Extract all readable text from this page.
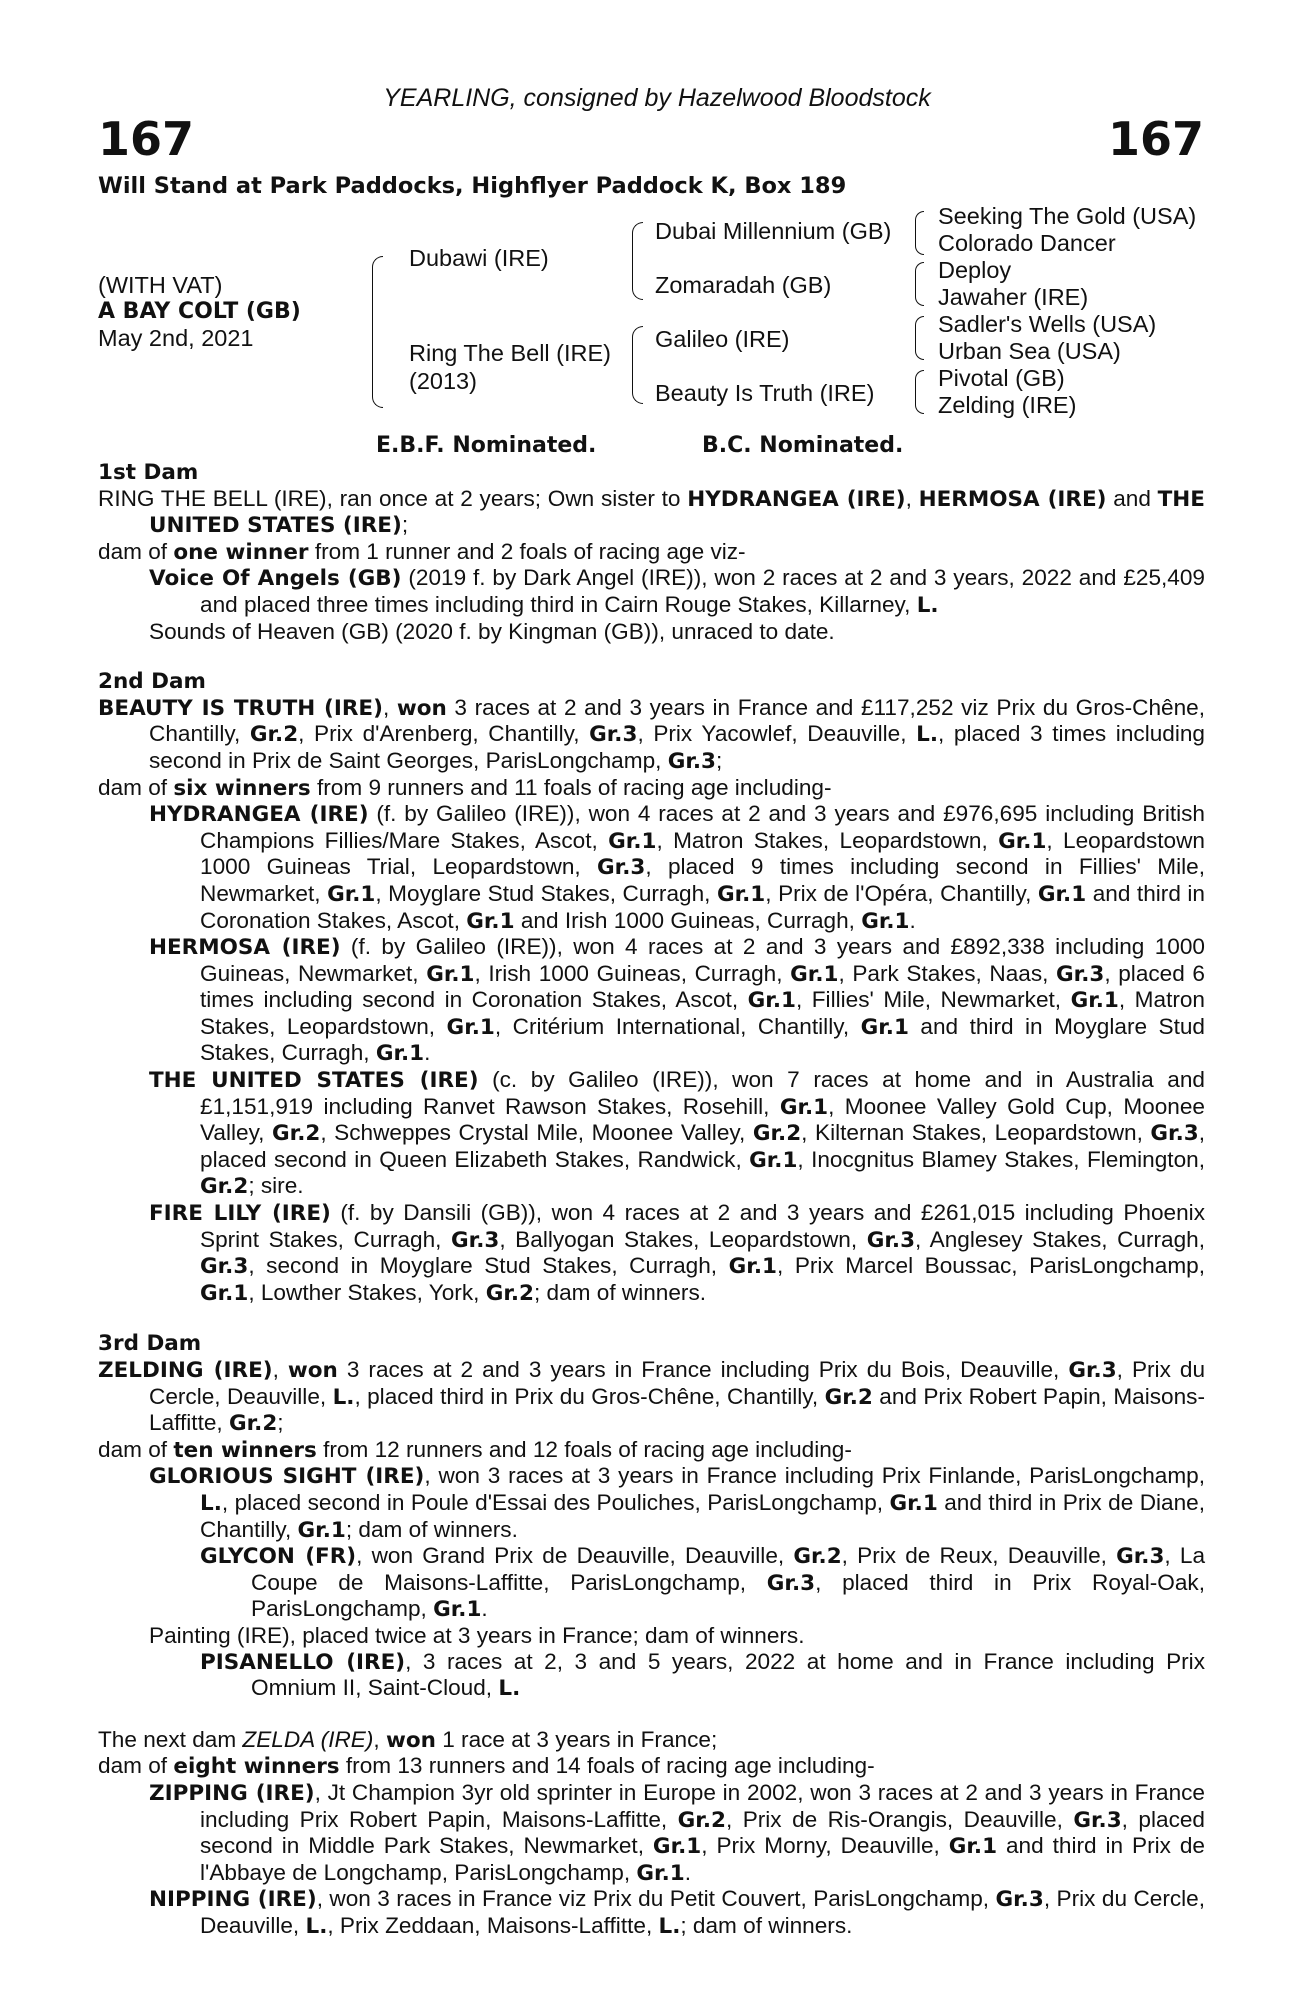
YEARLING, consigned by Hazelwood Bloodstock
167	167
Will Stand at Park Paddocks, Highflyer Paddock K, Box 189
(WITH VAT)
A BAY COLT (GB)
May 2nd, 2021
Dubawi (IRE)
Ring The Bell (IRE)
(2013)
Dubai Millennium (GB)
Zomaradah (GB)
Galileo (IRE)
Beauty Is Truth (IRE)
Seeking The Gold (USA)
Colorado Dancer
Deploy
Jawaher (IRE)
Sadler's Wells (USA)
Urban Sea (USA)
Pivotal (GB)
Zelding (IRE)
E.B.F. Nominated.	B.C. Nominated.
1st Dam

RING THE BELL (IRE), ran once at 2 years; Own sister to HYDRANGEA (IRE), HERMOSA (IRE) and THE UNITED STATES (IRE);

dam of one winner from 1 runner and 2 foals of racing age viz-

Voice Of Angels (GB) (2019 f. by Dark Angel (IRE)), won 2 races at 2 and 3 years, 2022 and £25,409 and placed three times including third in Cairn Rouge Stakes, Killarney, L.

Sounds of Heaven (GB) (2020 f. by Kingman (GB)), unraced to date.

2nd Dam

BEAUTY IS TRUTH (IRE), won 3 races at 2 and 3 years in France and £117,252 viz Prix du Gros-Chêne, Chantilly, Gr.2, Prix d'Arenberg, Chantilly, Gr.3, Prix Yacowlef, Deauville, L., placed 3 times including second in Prix de Saint Georges, ParisLongchamp, Gr.3;

dam of six winners from 9 runners and 11 foals of racing age including-

HYDRANGEA (IRE) (f. by Galileo (IRE)), won 4 races at 2 and 3 years and £976,695 including British Champions Fillies/Mare Stakes, Ascot, Gr.1, Matron Stakes, Leopardstown, Gr.1, Leopardstown 1000 Guineas Trial, Leopardstown, Gr.3, placed 9 times including second in Fillies' Mile, Newmarket, Gr.1, Moyglare Stud Stakes, Curragh, Gr.1, Prix de l'Opéra, Chantilly, Gr.1 and third in Coronation Stakes, Ascot, Gr.1 and Irish 1000 Guineas, Curragh, Gr.1.

HERMOSA (IRE) (f. by Galileo (IRE)), won 4 races at 2 and 3 years and £892,338 including 1000 Guineas, Newmarket, Gr.1, Irish 1000 Guineas, Curragh, Gr.1, Park Stakes, Naas, Gr.3, placed 6 times including second in Coronation Stakes, Ascot, Gr.1, Fillies' Mile, Newmarket, Gr.1, Matron Stakes, Leopardstown, Gr.1, Critérium International, Chantilly, Gr.1 and third in Moyglare Stud Stakes, Curragh, Gr.1.

THE UNITED STATES (IRE) (c. by Galileo (IRE)), won 7 races at home and in Australia and £1,151,919 including Ranvet Rawson Stakes, Rosehill, Gr.1, Moonee Valley Gold Cup, Moonee Valley, Gr.2, Schweppes Crystal Mile, Moonee Valley, Gr.2, Kilternan Stakes, Leopardstown, Gr.3, placed second in Queen Elizabeth Stakes, Randwick, Gr.1, Inocgnitus Blamey Stakes, Flemington, Gr.2; sire.

FIRE LILY (IRE) (f. by Dansili (GB)), won 4 races at 2 and 3 years and £261,015 including Phoenix Sprint Stakes, Curragh, Gr.3, Ballyogan Stakes, Leopardstown, Gr.3, Anglesey Stakes, Curragh, Gr.3, second in Moyglare Stud Stakes, Curragh, Gr.1, Prix Marcel Boussac, ParisLongchamp, Gr.1, Lowther Stakes, York, Gr.2; dam of winners.

3rd Dam

ZELDING (IRE), won 3 races at 2 and 3 years in France including Prix du Bois, Deauville, Gr.3, Prix du Cercle, Deauville, L., placed third in Prix du Gros-Chêne, Chantilly, Gr.2 and Prix Robert Papin, Maisons-Laffitte, Gr.2;

dam of ten winners from 12 runners and 12 foals of racing age including-

GLORIOUS SIGHT (IRE), won 3 races at 3 years in France including Prix Finlande, ParisLongchamp, L., placed second in Poule d'Essai des Pouliches, ParisLongchamp, Gr.1 and third in Prix de Diane, Chantilly, Gr.1; dam of winners.

GLYCON (FR), won Grand Prix de Deauville, Deauville, Gr.2, Prix de Reux, Deauville, Gr.3, La Coupe de Maisons-Laffitte, ParisLongchamp, Gr.3, placed third in Prix Royal-Oak, ParisLongchamp, Gr.1.

Painting (IRE), placed twice at 3 years in France; dam of winners.

PISANELLO (IRE), 3 races at 2, 3 and 5 years, 2022 at home and in France including Prix Omnium II, Saint-Cloud, L.

The next dam ZELDA (IRE), won 1 race at 3 years in France;

dam of eight winners from 13 runners and 14 foals of racing age including-

ZIPPING (IRE), Jt Champion 3yr old sprinter in Europe in 2002, won 3 races at 2 and 3 years in France including Prix Robert Papin, Maisons-Laffitte, Gr.2, Prix de Ris-Orangis, Deauville, Gr.3, placed second in Middle Park Stakes, Newmarket, Gr.1, Prix Morny, Deauville, Gr.1 and third in Prix de l'Abbaye de Longchamp, ParisLongchamp, Gr.1.

NIPPING (IRE), won 3 races in France viz Prix du Petit Couvert, ParisLongchamp, Gr.3, Prix du Cercle, Deauville, L., Prix Zeddaan, Maisons-Laffitte, L.; dam of winners.
